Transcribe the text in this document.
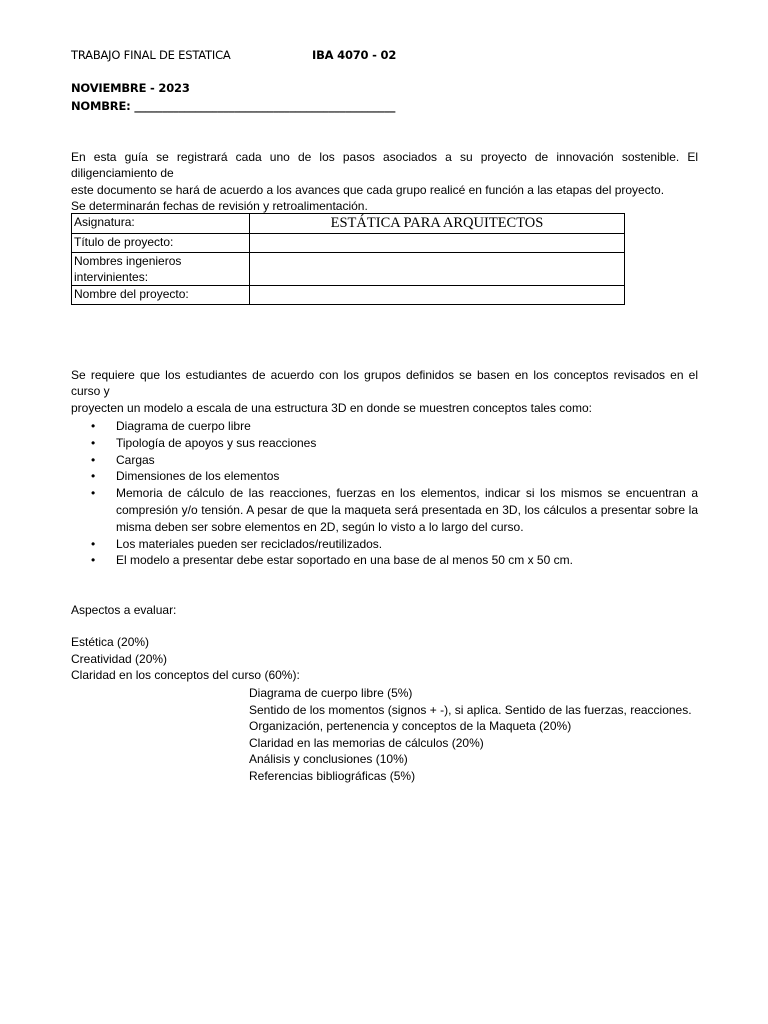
TRABAJO FINAL DE ESTATICA	IBA 4070 - 02
NOVIEMBRE - 2023
NOMBRE: _______________________________________________
En esta guía se registrará cada uno de los pasos asociados a su proyecto de innovación sostenible. El diligenciamiento de
este documento se hará de acuerdo a los avances que cada grupo realicé en función a las etapas del proyecto.
Se determinarán fechas de revisión y retroalimentación.
Asignatura:	ESTÁTICA PARA ARQUITECTOS
Título de proyecto:	
Nombres ingenieros intervinientes:	
Nombre del proyecto:	
Se requiere que los estudiantes de acuerdo con los grupos definidos se basen en los conceptos revisados en el curso y
proyecten un modelo a escala de una estructura 3D en donde se muestren conceptos tales como:
• Diagrama de cuerpo libre
• Tipología de apoyos y sus reacciones
• Cargas
• Dimensiones de los elementos
• Memoria de cálculo de las reacciones, fuerzas en los elementos, indicar si los mismos se encuentran a compresión y/o tensión. A pesar de que la maqueta será presentada en 3D, los cálculos a presentar sobre la misma deben ser sobre elementos en 2D, según lo visto a lo largo del curso.
• Los materiales pueden ser reciclados/reutilizados.
• El modelo a presentar debe estar soportado en una base de al menos 50 cm x 50 cm.
Aspectos a evaluar:
Estética (20%)
Creatividad (20%)
Claridad en los conceptos del curso (60%):
Diagrama de cuerpo libre (5%)
Sentido de los momentos (signos + -), si aplica. Sentido de las fuerzas, reacciones.
Organización, pertenencia y conceptos de la Maqueta (20%)
Claridad en las memorias de cálculos (20%)
Análisis y conclusiones (10%)
Referencias bibliográficas (5%)
